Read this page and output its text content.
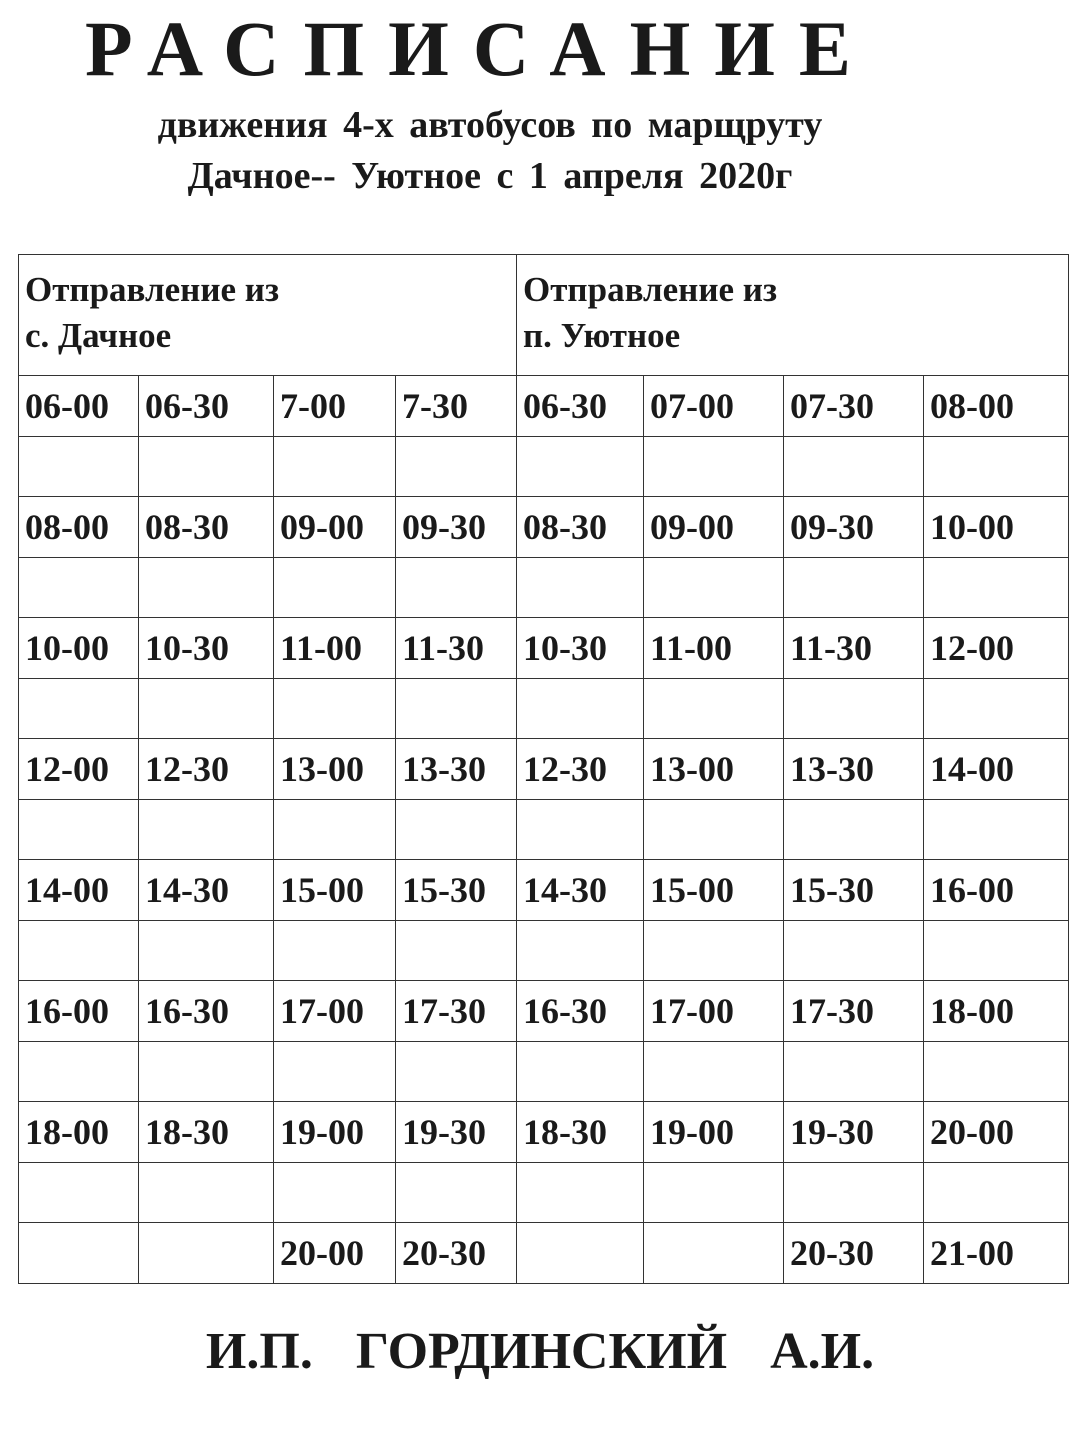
РАСПИСАНИЕ
движения 4-х автобусов по марщруту
Дачное-- Уютное с 1 апреля 2020г
Отправление из
с. Дачное				Отправление из
п. Уютное			

06-00	06-30	7-00	7-30	06-30	07-00	07-30	08-00

08-00	08-30	09-00	09-30	08-30	09-00	09-30	10-00

10-00	10-30	11-00	11-30	10-30	11-00	11-30	12-00

12-00	12-30	13-00	13-30	12-30	13-00	13-30	14-00

14-00	14-30	15-00	15-30	14-30	15-00	15-30	16-00

16-00	16-30	17-00	17-30	16-30	17-00	17-30	18-00

18-00	18-30	19-00	19-30	18-30	19-00	19-30	20-00

		20-00	20-30			20-30	21-00
И.П. ГОРДИНСКИЙ А.И.
